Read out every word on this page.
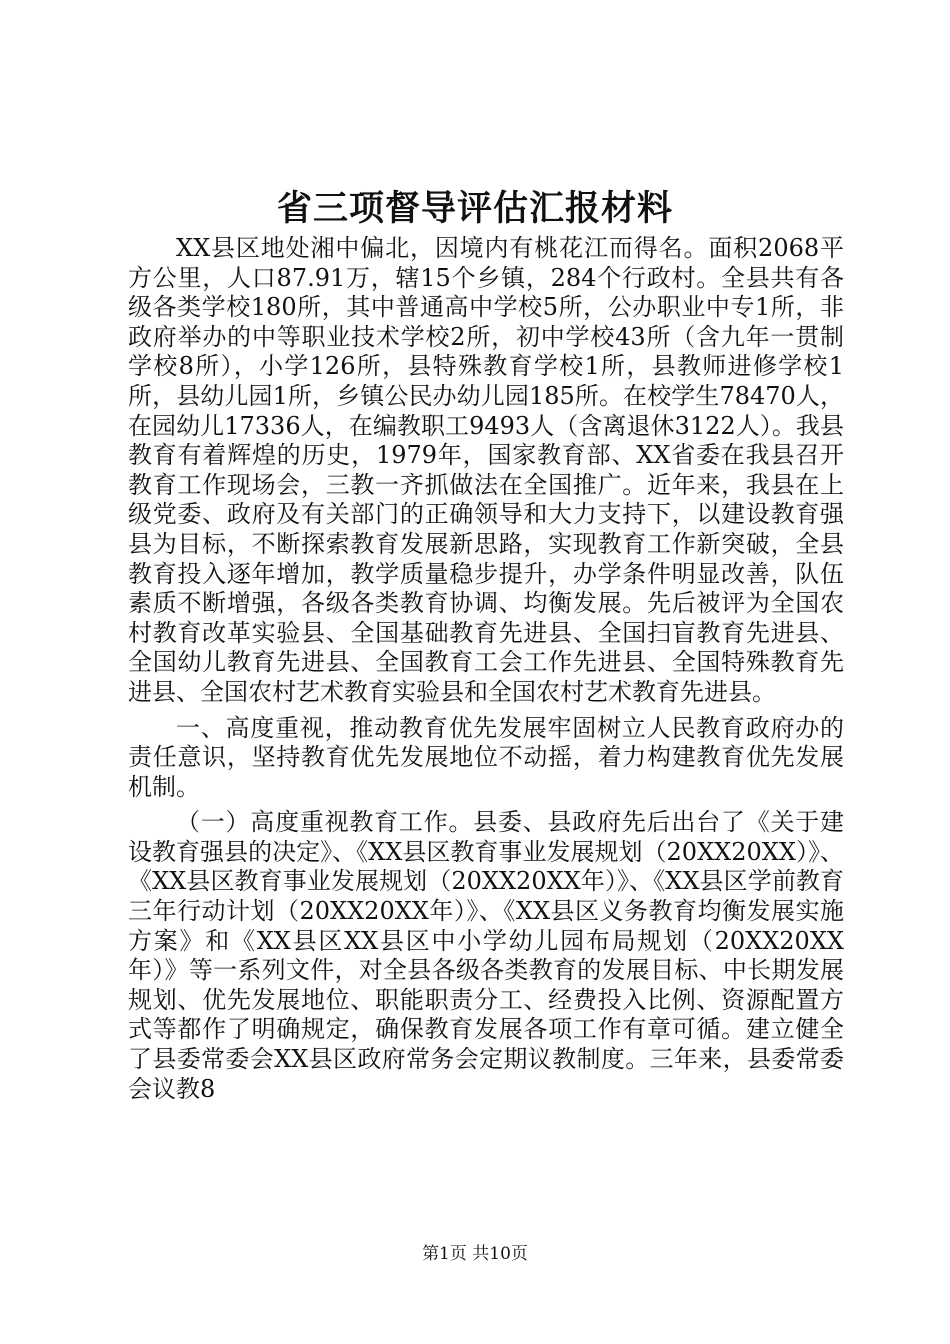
省三项督导评估汇报材料

XX县区地处湘中偏北，因境内有桃花江而得名。面积2068平方公里，人口87.91万，辖15个乡镇，284个行政村。全县共有各级各类学校180所，其中普通高中学校5所，公办职业中专1所，非政府举办的中等职业技术学校2所，初中学校43所（含九年一贯制学校8所），小学126所，县特殊教育学校1所，县教师进修学校1所，县幼儿园1所，乡镇公民办幼儿园185所。在校学生78470人，在园幼儿17336人，在编教职工9493人（含离退休3122人）。我县教育有着辉煌的历史，1979年，国家教育部、XX省委在我县召开教育工作现场会，三教一齐抓做法在全国推广。近年来，我县在上级党委、政府及有关部门的正确领导和大力支持下，以建设教育强县为目标，不断探索教育发展新思路，实现教育工作新突破，全县教育投入逐年增加，教学质量稳步提升，办学条件明显改善，队伍素质不断增强，各级各类教育协调、均衡发展。先后被评为全国农村教育改革实验县、全国基础教育先进县、全国扫盲教育先进县、全国幼儿教育先进县、全国教育工会工作先进县、全国特殊教育先进县、全国农村艺术教育实验县和全国农村艺术教育先进县。

一、高度重视，推动教育优先发展牢固树立人民教育政府办的责任意识，坚持教育优先发展地位不动摇，着力构建教育优先发展机制。

（一）高度重视教育工作。县委、县政府先后出台了《关于建设教育强县的决定》、《XX县区教育事业发展规划（20XX20XX）》、《XX县区教育事业发展规划（20XX20XX年）》、《XX县区学前教育三年行动计划（20XX20XX年）》、《XX县区义务教育均衡发展实施方案》和《XX县区XX县区中小学幼儿园布局规划（20XX20XX年）》等一系列文件，对全县各级各类教育的发展目标、中长期发展规划、优先发展地位、职能职责分工、经费投入比例、资源配置方式等都作了明确规定，确保教育发展各项工作有章可循。建立健全了县委常委会XX县区政府常务会定期议教制度。三年来，县委常委会议教8

第1页 共10页
